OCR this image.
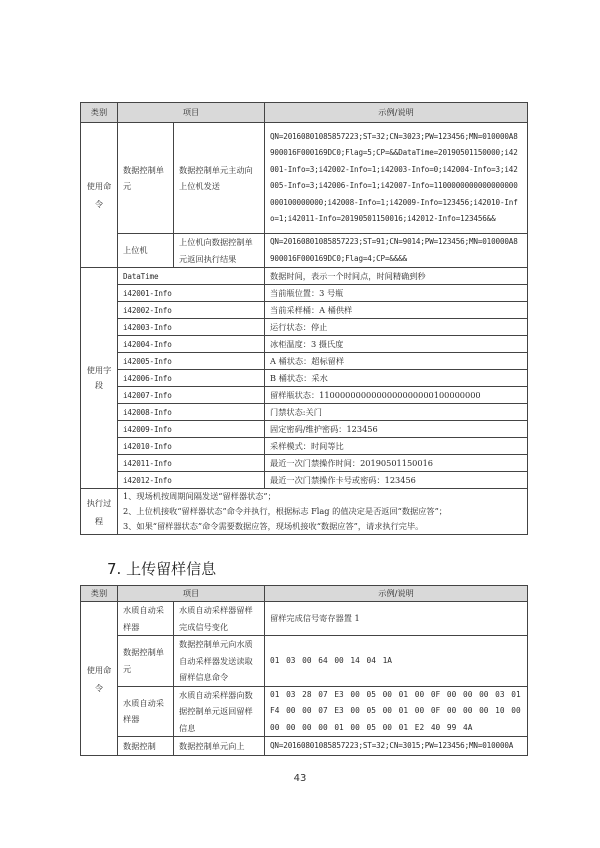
类别	项目		示例/说明
使用命令	数据控制单元	数据控制单元主动向上位机发送	QN=20160801085857223;ST=32;CN=3023;PW=123456;MN=010000A8900016F000169DC0;Flag=5;CP=&&DataTime=20190501150000;i42001-Info=3;i42002-Info=1;i42003-Info=0;i42004-Info=3;i42005-Info=3;i42006-Info=1;i42007-Info=1100000000000000000000100000000;i42008-Info=1;i42009-Info=123456;i42010-Info=1;i42011-Info=20190501150016;i42012-Info=123456&&
	上位机	上位机向数据控制单元返回执行结果	QN=20160801085857223;ST=91;CN=9014;PW=123456;MN=010000A8900016F000169DC0;Flag=4;CP=&&&&
使用字段	DataTime		数据时间，表示一个时间点，时间精确到秒
	i42001-Info		当前瓶位置：3 号瓶
	i42002-Info		当前采样桶：A 桶供样
	i42003-Info		运行状态：停止
	i42004-Info		冰柜温度：3 摄氏度
	i42005-Info		A 桶状态：超标留样
	i42006-Info		B 桶状态：采水
	i42007-Info		留样瓶状态：1100000000000000000000100000000
	i42008-Info		门禁状态:关门
	i42009-Info		固定密码/维护密码：123456
	i42010-Info		采样模式：时间等比
	i42011-Info		最近一次门禁操作时间：20190501150016
	i42012-Info		最近一次门禁操作卡号或密码：123456
执行过程	1、现场机按周期间隔发送“留样器状态”；
2、上位机接收“留样器状态”命令并执行，根据标志 Flag 的值决定是否返回“数据应答”；
3、如果“留样器状态”命令需要数据应答，现场机接收“数据应答”，请求执行完毕。		
7. 上传留样信息
类别	项目		示例/说明
使用命令	水质自动采样器	水质自动采样器留样完成信号变化	留样完成信号寄存器置 1
	数据控制单元	数据控制单元向水质自动采样器发送读取留样信息命令	01 03 00 64 00 14 04 1A
	水质自动采样器	水质自动采样器向数据控制单元返回留样信息	01 03 28 07 E3 00 05 00 01 00 0F 00 00 00 03 01 F4 00 00 07 E3 00 05 00 01 00 0F 00 00 00 10 00 00 00 00 00 01 00 05 00 01 E2 40 99 4A
	数据控制	数据控制单元向上	QN=20160801085857223;ST=32;CN=3015;PW=123456;MN=010000A
43
